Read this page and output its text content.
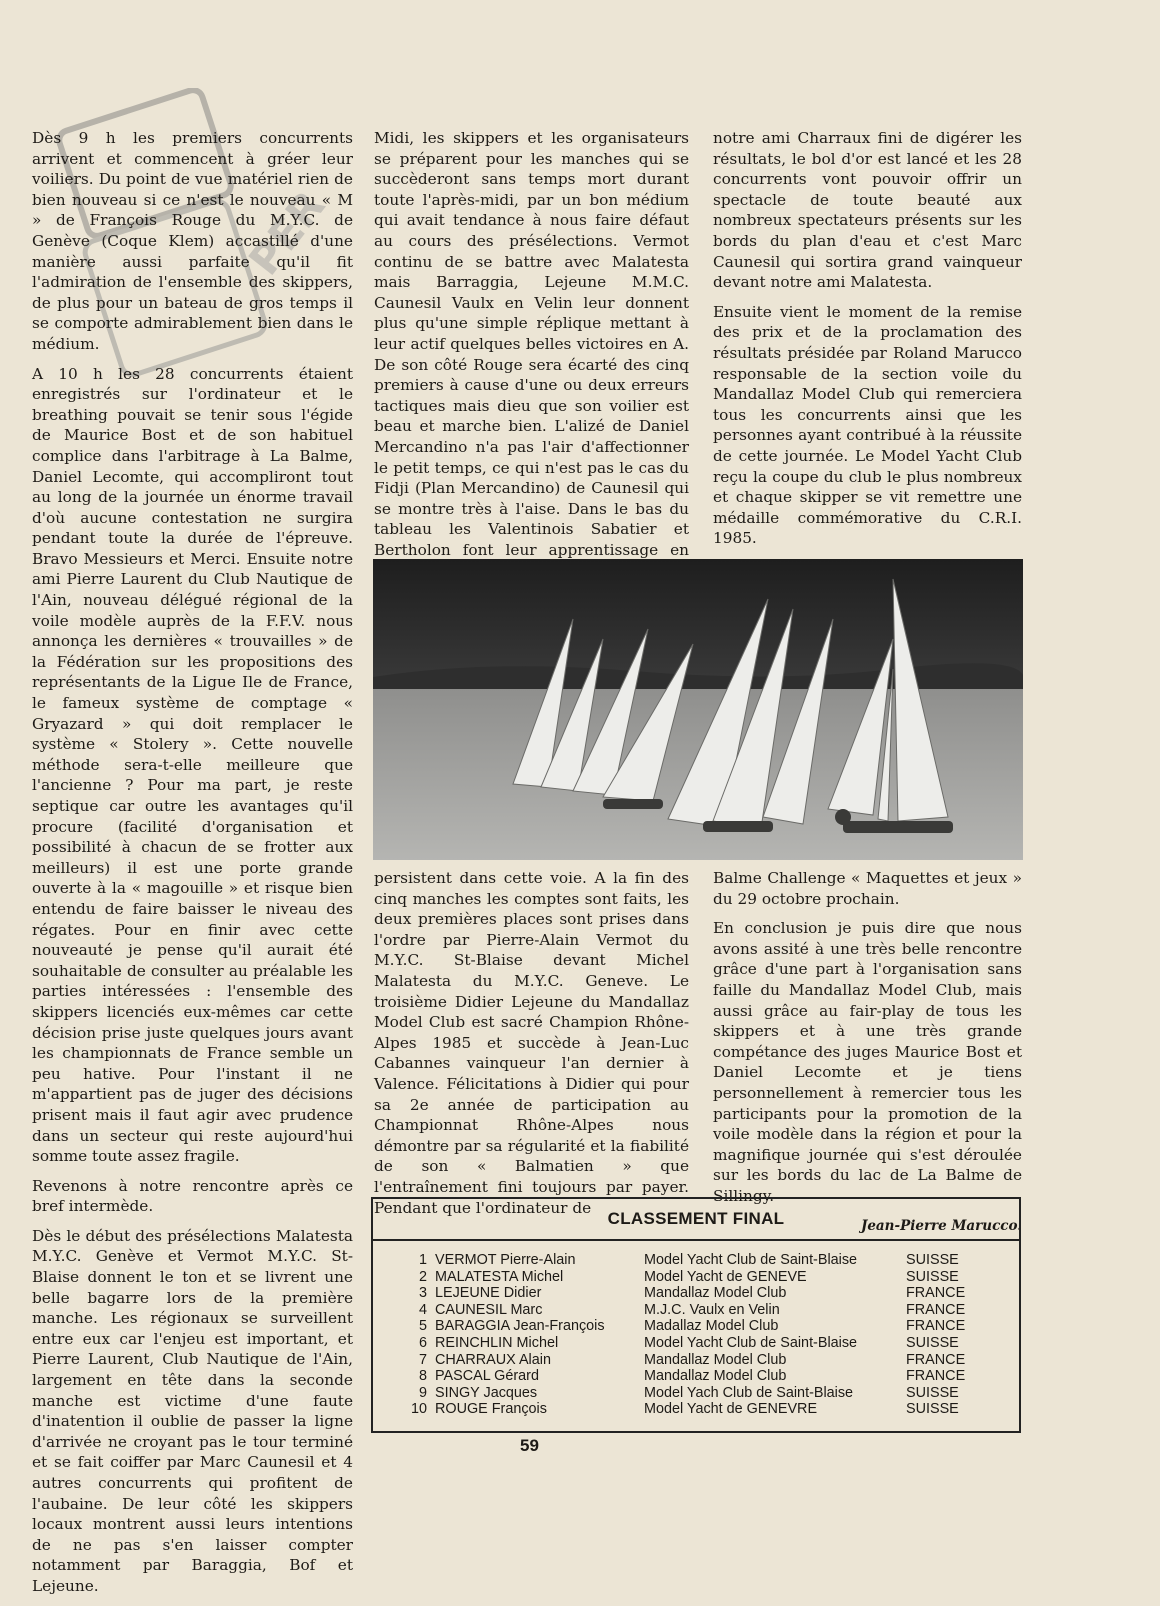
PER

Dès 9 h les premiers concurrents arrivent et commencent à gréer leur voiliers. Du point de vue matériel rien de bien nouveau si ce n'est le nouveau « M » de François Rouge du M.Y.C. de Genève (Coque Klem) accastillé d'une manière aussi parfaite qu'il fit l'admiration de l'ensemble des skippers, de plus pour un bateau de gros temps il se comporte admirablement bien dans le médium.

A 10 h les 28 concurrents étaient enregistrés sur l'ordinateur et le breathing pouvait se tenir sous l'égide de Maurice Bost et de son habituel complice dans l'arbitrage à La Balme, Daniel Lecomte, qui accompliront tout au long de la journée un énorme travail d'où aucune contestation ne surgira pendant toute la durée de l'épreuve. Bravo Messieurs et Merci. Ensuite notre ami Pierre Laurent du Club Nautique de l'Ain, nouveau délégué régional de la voile modèle auprès de la F.F.V. nous annonça les dernières « trouvailles » de la Fédération sur les propositions des représentants de la Ligue Ile de France, le fameux système de comptage « Gryazard » qui doit remplacer le système « Stolery ». Cette nouvelle méthode sera-t-elle meilleure que l'ancienne ? Pour ma part, je reste septique car outre les avantages qu'il procure (facilité d'organisation et possibilité à chacun de se frotter aux meilleurs) il est une porte grande ouverte à la « magouille » et risque bien entendu de faire baisser le niveau des régates. Pour en finir avec cette nouveauté je pense qu'il aurait été souhaitable de consulter au préalable les parties intéressées : l'ensemble des skippers licenciés eux-mêmes car cette décision prise juste quelques jours avant les championnats de France semble un peu hative. Pour l'instant il ne m'appartient pas de juger des décisions prisent mais il faut agir avec prudence dans un secteur qui reste aujourd'hui somme toute assez fragile.

Revenons à notre rencontre après ce bref intermède.

Dès le début des présélections Malatesta M.Y.C. Genève et Vermot M.Y.C. St-Blaise donnent le ton et se livrent une belle bagarre lors de la première manche. Les régionaux se surveillent entre eux car l'enjeu est important, et Pierre Laurent, Club Nautique de l'Ain, largement en tête dans la seconde manche est victime d'une faute d'inatention il oublie de passer la ligne d'arrivée ne croyant pas le tour terminé et se fait coiffer par Marc Caunesil et 4 autres concurrents qui profitent de l'aubaine. De leur côté les skippers locaux montrent aussi leurs intentions de ne pas s'en laisser compter notamment par Baraggia, Bof et Lejeune.

Midi, les skippers et les organisateurs se préparent pour les manches qui se succèderont sans temps mort durant toute l'après-midi, par un bon médium qui avait tendance à nous faire défaut au cours des présélections. Vermot continu de se battre avec Malatesta mais Barraggia, Lejeune M.M.C. Caunesil Vaulx en Velin leur donnent plus qu'une simple réplique mettant à leur actif quelques belles victoires en A. De son côté Rouge sera écarté des cinq premiers à cause d'une ou deux erreurs tactiques mais dieu que son voilier est beau et marche bien. L'alizé de Daniel Mercandino n'a pas l'air d'affectionner le petit temps, ce qui n'est pas le cas du Fidji (Plan Mercandino) de Caunesil qui se montre très à l'aise. Dans le bas du tableau les Valentinois Sabatier et Bertholon font leur apprentissage en

notre ami Charraux fini de digérer les résultats, le bol d'or est lancé et les 28 concurrents vont pouvoir offrir un spectacle de toute beauté aux nombreux spectateurs présents sur les bords du plan d'eau et c'est Marc Caunesil qui sortira grand vainqueur devant notre ami Malatesta.

Ensuite vient le moment de la remise des prix et de la proclamation des résultats présidée par Roland Marucco responsable de la section voile du Mandallaz Model Club qui remerciera tous les concurrents ainsi que les personnes ayant contribué à la réussite de cette journée. Le Model Yacht Club reçu la coupe du club le plus nombreux et chaque skipper se vit remettre une médaille commémorative du C.R.I. 1985.

persistent dans cette voie. A la fin des cinq manches les comptes sont faits, les deux premières places sont prises dans l'ordre par Pierre-Alain Vermot du M.Y.C. St-Blaise devant Michel Malatesta du M.Y.C. Geneve. Le troisième Didier Lejeune du Mandallaz Model Club est sacré Champion Rhône-Alpes 1985 et succède à Jean-Luc Cabannes vainqueur l'an dernier à Valence. Félicitations à Didier qui pour sa 2e année de participation au Championnat Rhône-Alpes nous démontre par sa régularité et la fiabilité de son « Balmatien » que l'entraînement fini toujours par payer. Pendant que l'ordinateur de

Balme Challenge « Maquettes et jeux » du 29 octobre prochain.

En conclusion je puis dire que nous avons assité à une très belle rencontre grâce d'une part à l'organisation sans faille du Mandallaz Model Club, mais aussi grâce au fair-play de tous les skippers et à une très grande compétance des juges Maurice Bost et Daniel Lecomte et je tiens personnellement à remercier tous les participants pour la promotion de la voile modèle dans la région et pour la magnifique journée qui s'est déroulée sur les bords du lac de La Balme de Sillingy.

Jean-Pierre Marucco.
CLASSEMENT FINAL
1 VERMOT Pierre-Alain	Model Yacht Club de Saint-Blaise	SUISSE
2 MALATESTA Michel	Model Yacht de GENEVE	SUISSE
3 LEJEUNE Didier	Mandallaz Model Club	FRANCE
4 CAUNESIL Marc	M.J.C. Vaulx en Velin	FRANCE
5 BARAGGIA Jean-François	Madallaz Model Club	FRANCE
6 REINCHLIN Michel	Model Yacht Club de Saint-Blaise	SUISSE
7 CHARRAUX Alain	Mandallaz Model Club	FRANCE
8 PASCAL Gérard	Mandallaz Model Club	FRANCE
9 SINGY Jacques	Model Yach Club de Saint-Blaise	SUISSE
10 ROUGE François	Model Yacht de GENEVRE	SUISSE
59
